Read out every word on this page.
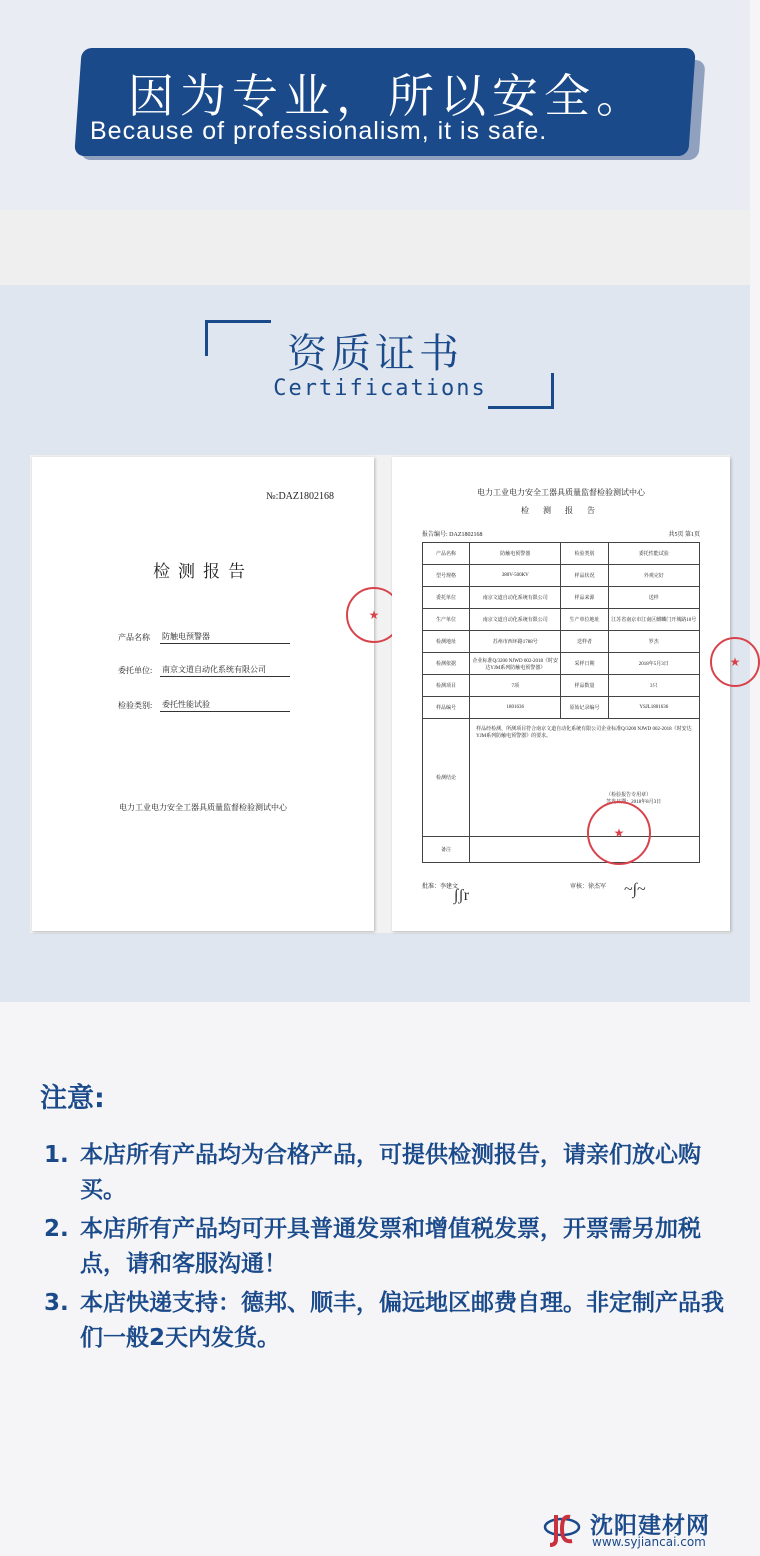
因为专业，所以安全。
Because of professionalism, it is safe.
资质证书
Certifications
№:DAZ1802168
检测报告
产品名称 防触电预警器
委托单位: 南京文道自动化系统有限公司
检验类别: 委托性能试验
电力工业电力安全工器具质量监督检验测试中心
★
电力工业电力安全工器具质量监督检验测试中心
检 测 报 告
报告编号: DAZ1802168	共5页 第1页
产品名称	防触电预警器	检验类别	委托性能试验
型号规格	380V-500KV	样品状况	外观完好
委托单位	南京文道自动化系统有限公司	样品来源	送样
生产单位	南京文道自动化系统有限公司	生产单位地址	江苏省南京市江南区麒麟门开城路10号
检测地址	苏州市西环路1788号	送样者	罗杰
检测依据	企业标准Q/3200 NJWD 002-2018《时安达YJM系列防触电预警器》	采样日期	2018年5月3日
检测项目	7项	样品数量	3只
样品编号	1801636	原始记录编号	YSJL1801636
检测结论	样品经检测，所测项目符合南京文道自动化系统有限公司企业标准Q/3200 NJWD 002-2018《时安达YJM系列防触电预警器》的要求。
（检验报告专用章）
签发日期：2018年8月3日		

备注			
批准：李建文	审核：徐杰军
∫ʃr	~∫~
★
★
注意:
1. 本店所有产品均为合格产品，可提供检测报告，请亲们放心购买。
2. 本店所有产品均可开具普通发票和增值税发票，开票需另加税点，请和客服沟通！
3. 本店快递支持：德邦、顺丰，偏远地区邮费自理。非定制产品我们一般2天内发货。
沈阳建材网
www.syjiancai.com
